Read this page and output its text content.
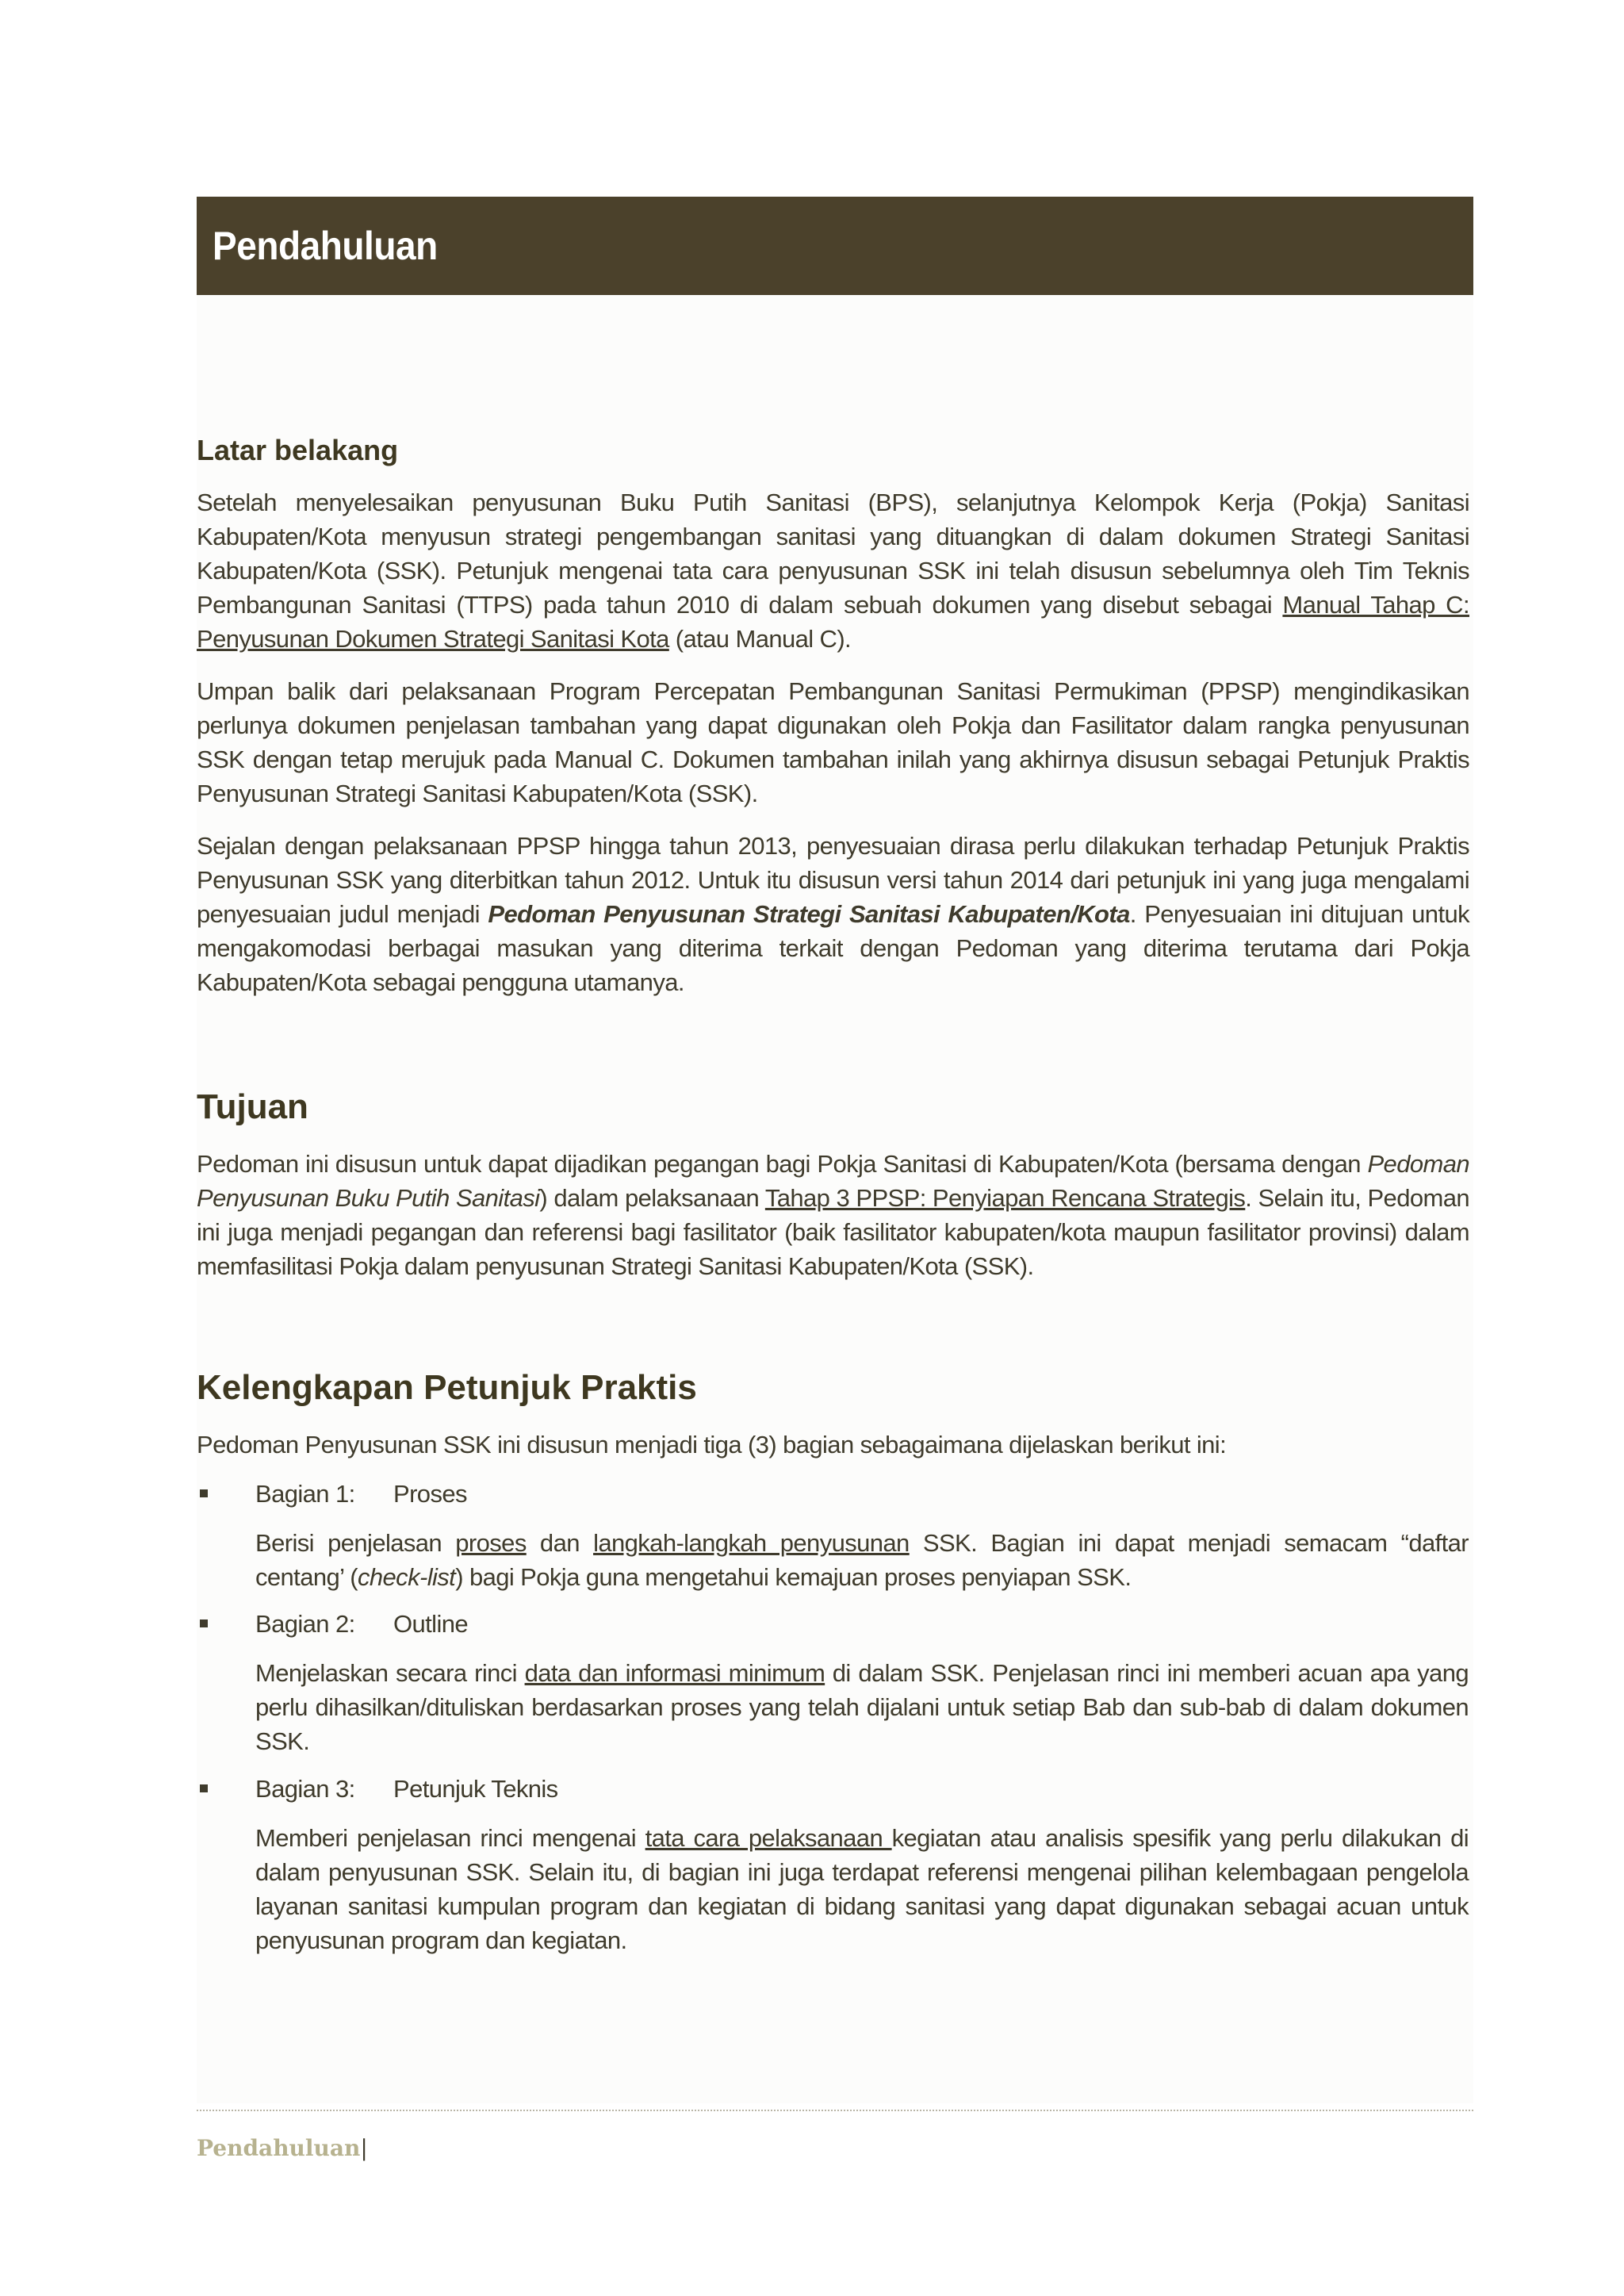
Pendahuluan
Latar belakang

Setelah menyelesaikan penyusunan Buku Putih Sanitasi (BPS), selanjutnya Kelompok Kerja (Pokja) Sanitasi Kabupaten/Kota menyusun strategi pengembangan sanitasi yang dituangkan di dalam dokumen Strategi Sanitasi Kabupaten/Kota (SSK). Petunjuk mengenai tata cara penyusunan SSK ini telah disusun sebelumnya oleh Tim Teknis Pembangunan Sanitasi (TTPS) pada tahun 2010 di dalam sebuah dokumen yang disebut sebagai Manual Tahap C: Penyusunan Dokumen Strategi Sanitasi Kota (atau Manual C).

Umpan balik dari pelaksanaan Program Percepatan Pembangunan Sanitasi Permukiman (PPSP) mengindikasikan perlunya dokumen penjelasan tambahan yang dapat digunakan oleh Pokja dan Fasilitator dalam rangka penyusunan SSK dengan tetap merujuk pada Manual C. Dokumen tambahan inilah yang akhirnya disusun sebagai Petunjuk Praktis Penyusunan Strategi Sanitasi Kabupaten/Kota (SSK).

Sejalan dengan pelaksanaan PPSP hingga tahun 2013, penyesuaian dirasa perlu dilakukan terhadap Petunjuk Praktis Penyusunan SSK yang diterbitkan tahun 2012. Untuk itu disusun versi tahun 2014 dari petunjuk ini yang juga mengalami penyesuaian judul menjadi Pedoman Penyusunan Strategi Sanitasi Kabupaten/Kota. Penyesuaian ini ditujuan untuk mengakomodasi berbagai masukan yang diterima terkait dengan Pedoman yang diterima terutama dari Pokja Kabupaten/Kota sebagai pengguna utamanya.

Tujuan

Pedoman ini disusun untuk dapat dijadikan pegangan bagi Pokja Sanitasi di Kabupaten/Kota (bersama dengan Pedoman Penyusunan Buku Putih Sanitasi) dalam pelaksanaan Tahap 3 PPSP: Penyiapan Rencana Strategis. Selain itu, Pedoman ini juga menjadi pegangan dan referensi bagi fasilitator (baik fasilitator kabupaten/kota maupun fasilitator provinsi) dalam memfasilitasi Pokja dalam penyusunan Strategi Sanitasi Kabupaten/Kota (SSK).

Kelengkapan Petunjuk Praktis

Pedoman Penyusunan SSK ini disusun menjadi tiga (3) bagian sebagaimana dijelaskan berikut ini:

Bagian 1: Proses

Berisi penjelasan proses dan langkah-langkah penyusunan SSK. Bagian ini dapat menjadi semacam “daftar centang’ (check-list) bagi Pokja guna mengetahui kemajuan proses penyiapan SSK.

Bagian 2: Outline

Menjelaskan secara rinci data dan informasi minimum di dalam SSK. Penjelasan rinci ini memberi acuan apa yang perlu dihasilkan/dituliskan berdasarkan proses yang telah dijalani untuk setiap Bab dan sub-bab di dalam dokumen SSK.

Bagian 3: Petunjuk Teknis

Memberi penjelasan rinci mengenai tata cara pelaksanaan kegiatan atau analisis spesifik yang perlu dilakukan di dalam penyusunan SSK. Selain itu, di bagian ini juga terdapat referensi mengenai pilihan kelembagaan pengelola layanan sanitasi kumpulan program dan kegiatan di bidang sanitasi yang dapat digunakan sebagai acuan untuk penyusunan program dan kegiatan.

Pendahuluan|
